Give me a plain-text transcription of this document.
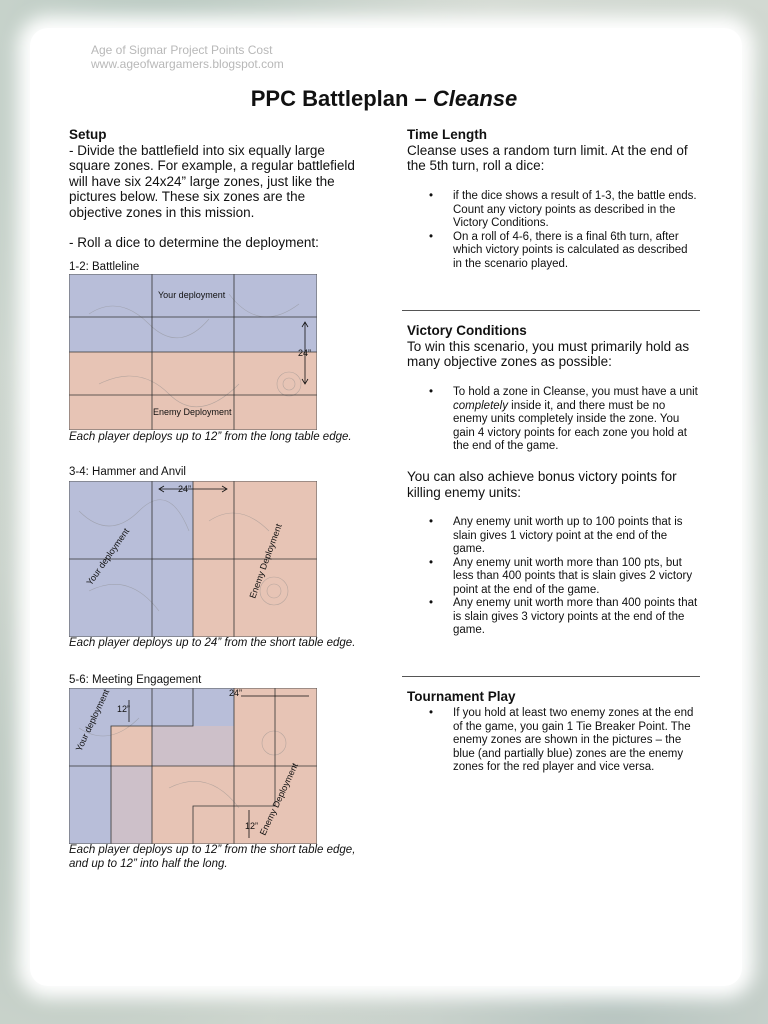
Age of Sigmar Project Points Cost
www.ageofwargamers.blogspot.com
PPC Battleplan – Cleanse
Setup
- Divide the battlefield into six equally large square zones. For example, a regular battlefield will have six 24x24” large zones, just like the pictures below. These six zones are the objective zones in this mission.
- Roll a dice to determine the deployment:
1-2: Battleline
Your deployment
Enemy Deployment
24”
Each player deploys up to 12” from the long table edge.
3-4: Hammer and Anvil
24”
Your deployment	Enemy Deployment
Each player deploys up to 24” from the short table edge.
5-6: Meeting Engagement
24”
12”
12”
Your deployment
Enemy Deployment
Each player deploys up to 12” from the short table edge, and up to 12” into half the long.
Time Length
Cleanse uses a random turn limit. At the end of the 5th turn, roll a dice:
• if the dice shows a result of 1-3, the battle ends. Count any victory points as described in the Victory Conditions.
• On a roll of 4-6, there is a final 6th turn, after which victory points is calculated as described in the scenario played.
Victory Conditions
To win this scenario, you must primarily hold as many objective zones as possible:
• To hold a zone in Cleanse, you must have a unit completely inside it, and there must be no enemy units completely inside the zone. You gain 4 victory points for each zone you hold at the end of the game.
You can also achieve bonus victory points for killing enemy units:
• Any enemy unit worth up to 100 points that is slain gives 1 victory point at the end of the game.
• Any enemy unit worth more than 100 pts, but less than 400 points that is slain gives 2 victory point at the end of the game.
• Any enemy unit worth more than 400 points that is slain gives 3 victory points at the end of the game.
Tournament Play
• If you hold at least two enemy zones at the end of the game, you gain 1 Tie Breaker Point. The enemy zones are shown in the pictures – the blue (and partially blue) zones are the enemy zones for the red player and vice versa.
